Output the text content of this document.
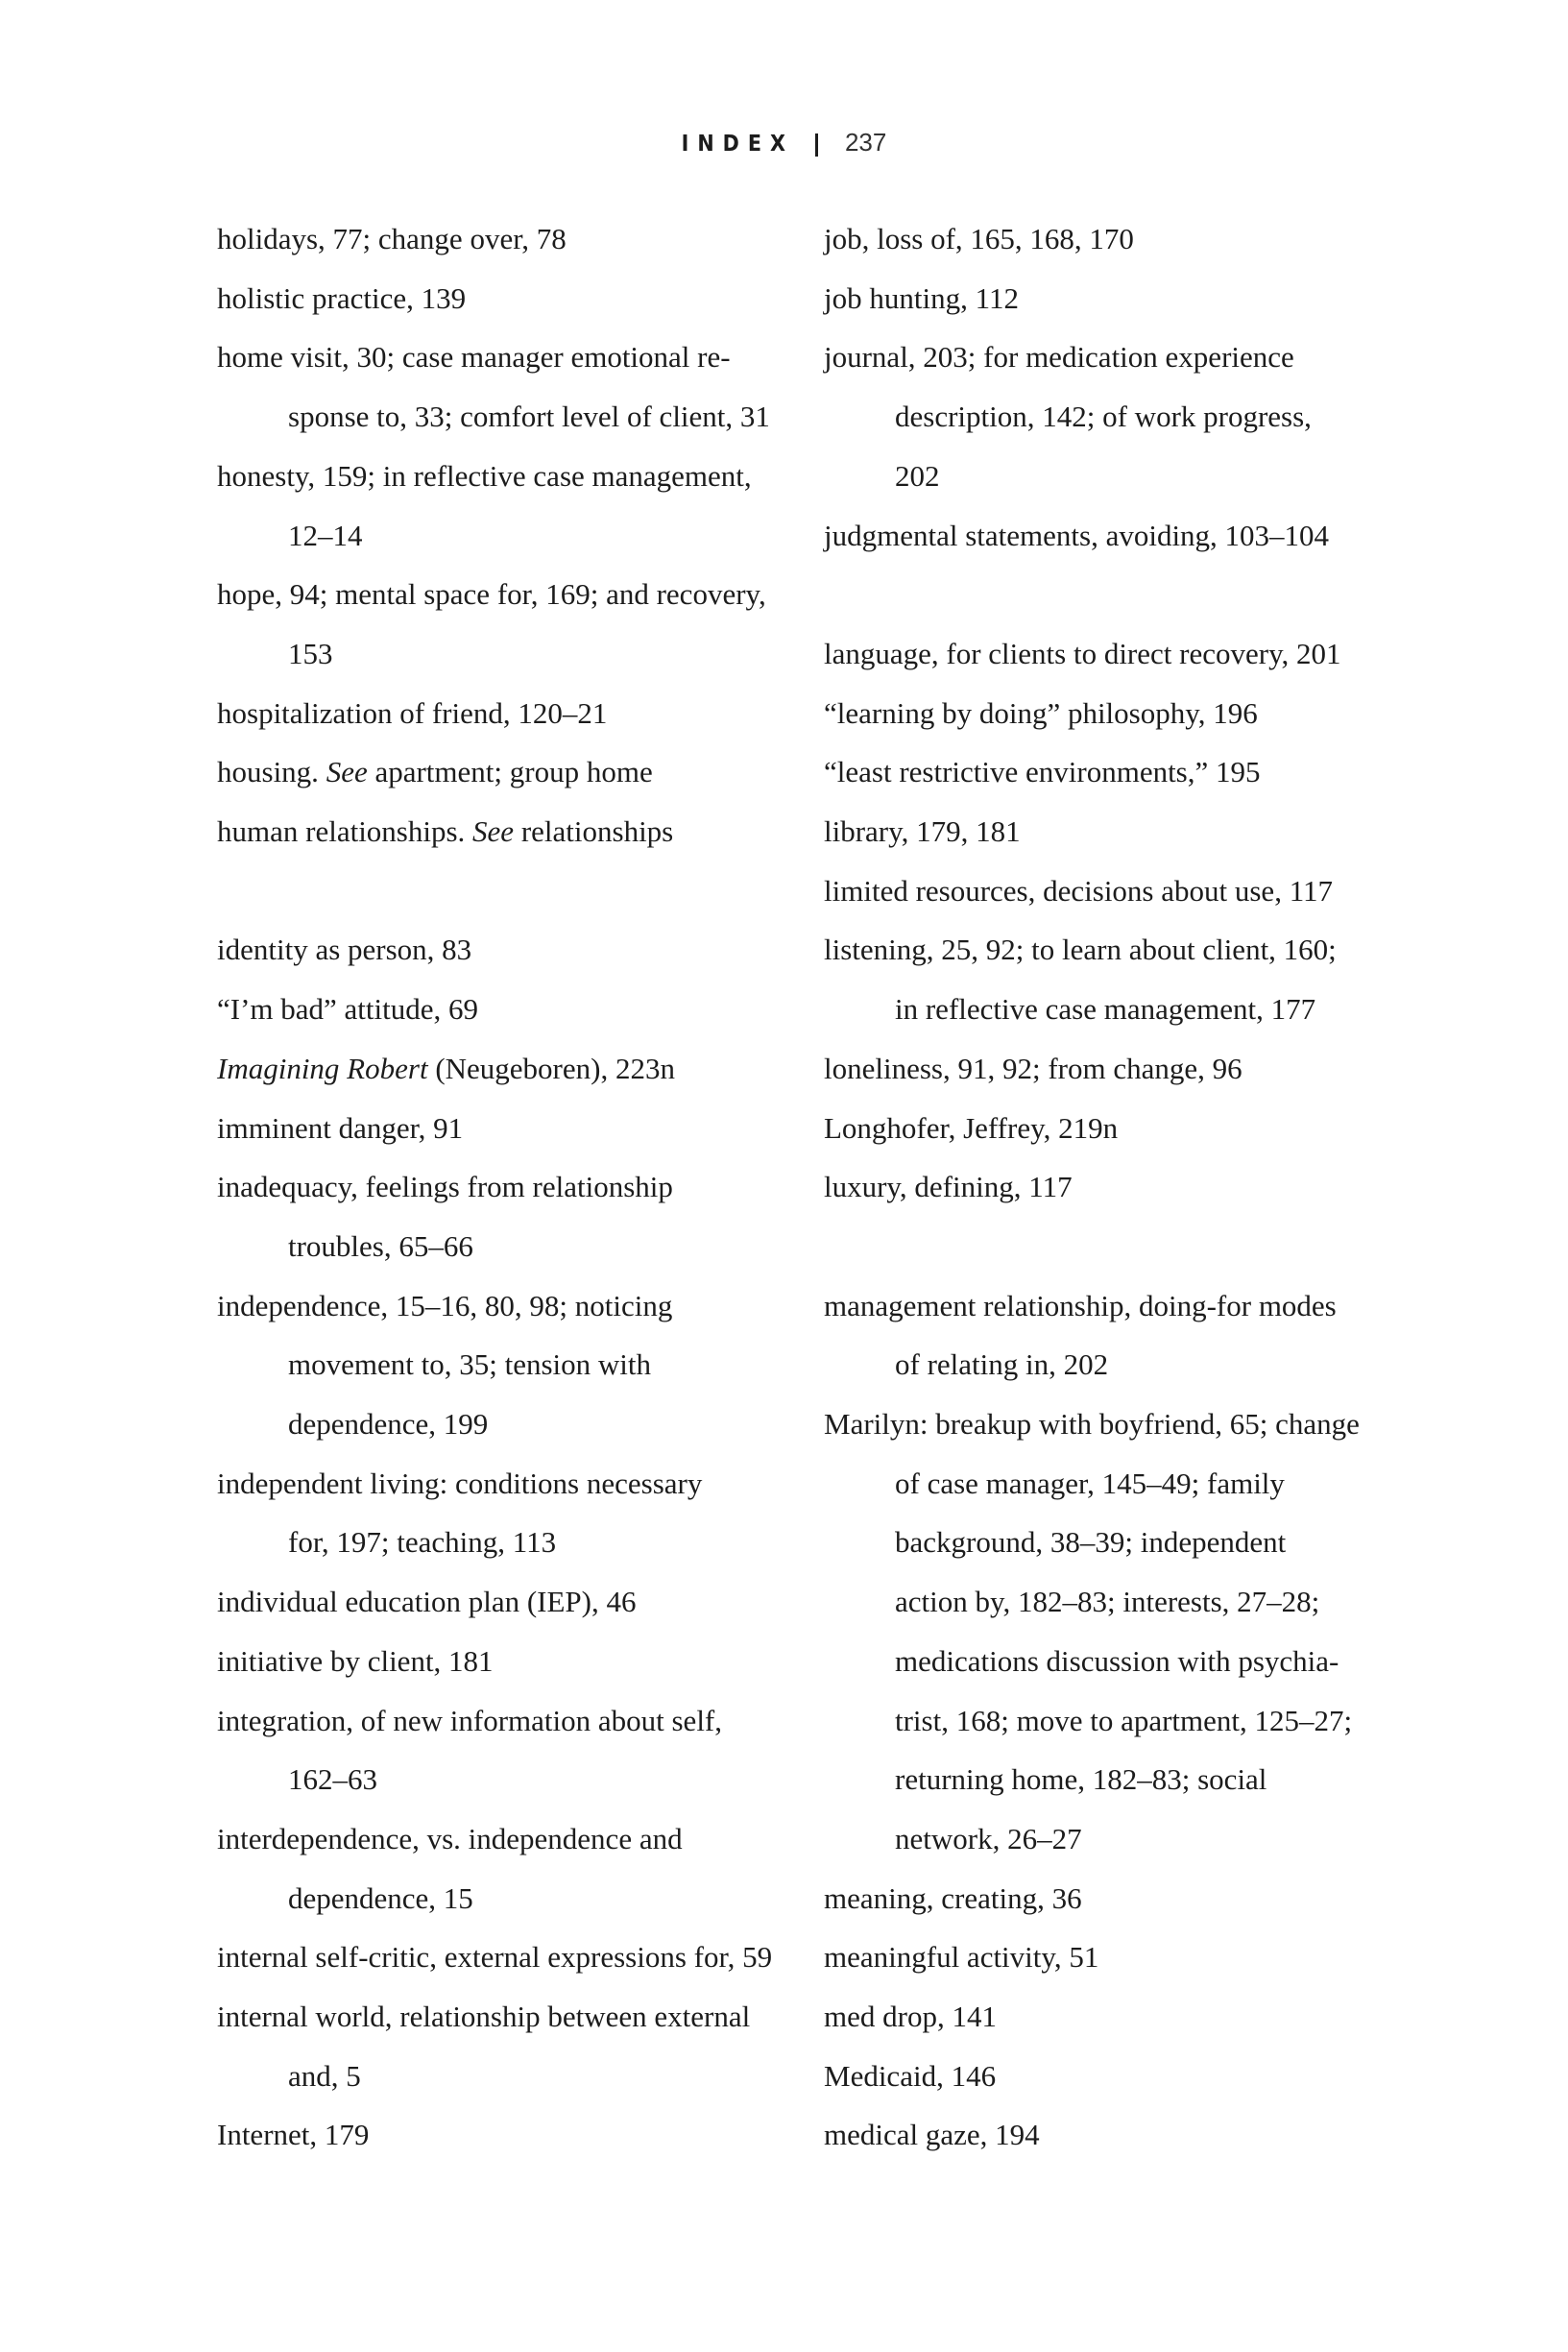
INDEX 237
holidays, 77; change over, 78
holistic practice, 139
home visit, 30; case manager emotional re-
sponse to, 33; comfort level of client, 31
honesty, 159; in reflective case management,
12–14
hope, 94; mental space for, 169; and recovery,
153
hospitalization of friend, 120–21
housing. See apartment; group home
human relationships. See relationships
identity as person, 83
“I’m bad” attitude, 69
Imagining Robert (Neugeboren), 223n
imminent danger, 91
inadequacy, feelings from relationship
troubles, 65–66
independence, 15–16, 80, 98; noticing
movement to, 35; tension with
dependence, 199
independent living: conditions necessary
for, 197; teaching, 113
individual education plan (IEP), 46
initiative by client, 181
integration, of new information about self,
162–63
interdependence, vs. independence and
dependence, 15
internal self-critic, external expressions for, 59
internal world, relationship between external
and, 5
Internet, 179
job, loss of, 165, 168, 170
job hunting, 112
journal, 203; for medication experience
description, 142; of work progress,
202
judgmental statements, avoiding, 103–104
language, for clients to direct recovery, 201
“learning by doing” philosophy, 196
“least restrictive environments,” 195
library, 179, 181
limited resources, decisions about use, 117
listening, 25, 92; to learn about client, 160;
in reflective case management, 177
loneliness, 91, 92; from change, 96
Longhofer, Jeffrey, 219n
luxury, defining, 117
management relationship, doing-for modes
of relating in, 202
Marilyn: breakup with boyfriend, 65; change
of case manager, 145–49; family
background, 38–39; independent
action by, 182–83; interests, 27–28;
medications discussion with psychia-
trist, 168; move to apartment, 125–27;
returning home, 182–83; social
network, 26–27
meaning, creating, 36
meaningful activity, 51
med drop, 141
Medicaid, 146
medical gaze, 194
